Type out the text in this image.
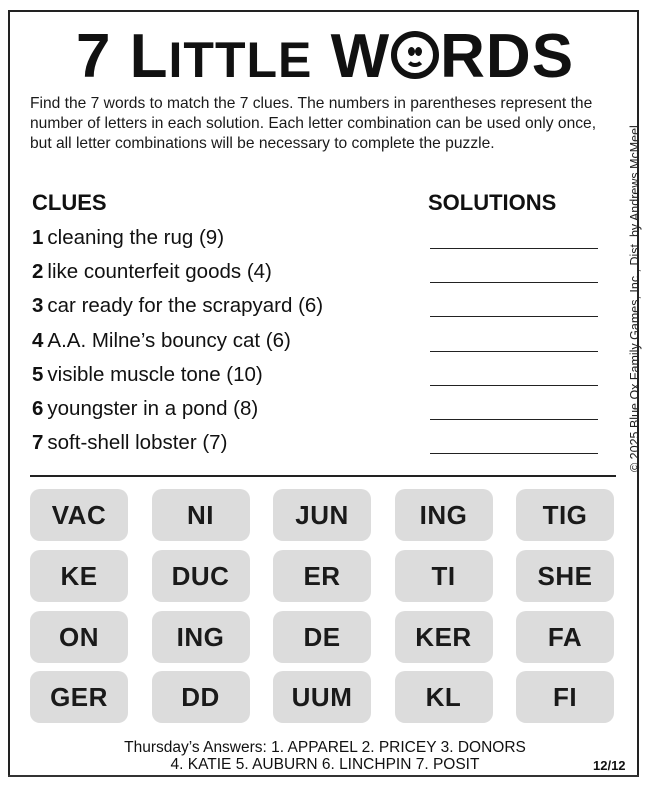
7 LITTLE W RDS
Find the 7 words to match the 7 clues. The numbers in parentheses represent the number of letters in each solution. Each letter combination can be used only once, but all letter combinations will be necessary to complete the puzzle.	© 2025 Blue Ox Family Games, Inc., Dist. by Andrews McMeel
CLUES	SOLUTIONS
1 cleaning the rug (9)
2 like counterfeit goods (4)
3 car ready for the scrapyard (6)
4 A.A. Milne’s bouncy cat (6)
5 visible muscle tone (10)
6 youngster in a pond (8)
7 soft-shell lobster (7)
VAC	NI	JUN	ING	TIG
KE	DUC	ER	TI	SHE
ON	ING	DE	KER	FA
GER	DD	UUM	KL	FI
Thursday’s Answers: 1. APPAREL 2. PRICEY 3. DONORS
4. KATIE 5. AUBURN 6. LINCHPIN 7. POSIT	12/12
